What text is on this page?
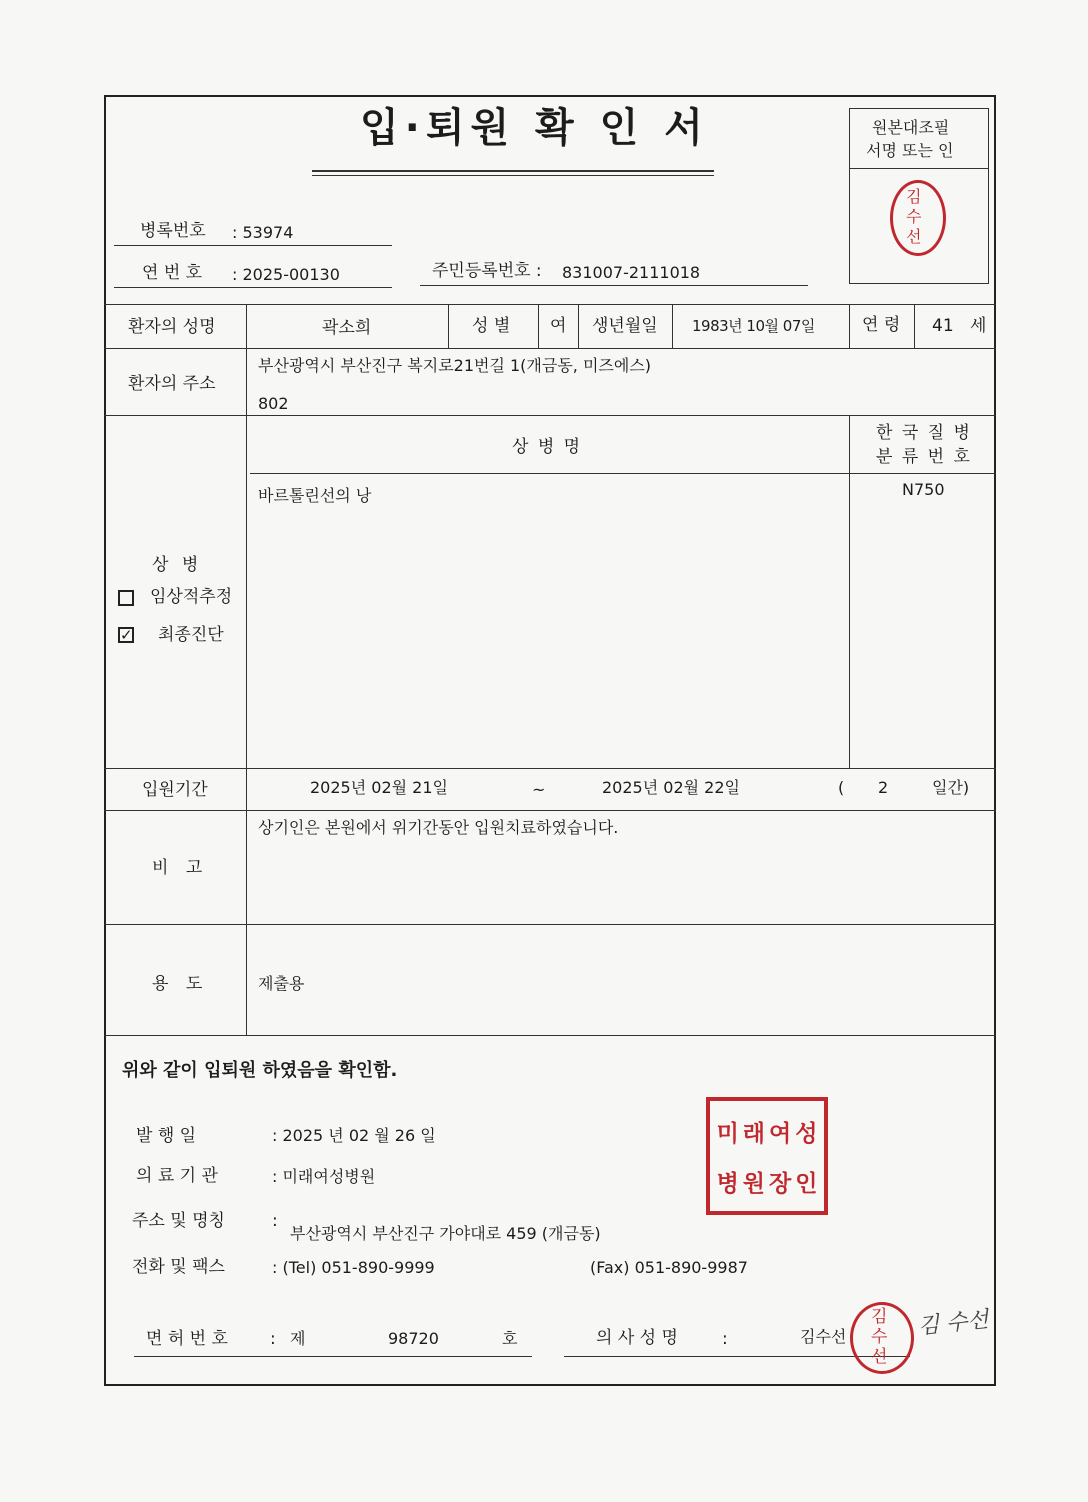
입·퇴원 확 인 서	원본대조필
서명 또는 인
김수선
병록번호 : 53974
연 번 호 : 2025-00130	주민등록번호 : 831007-2111018
환자의 성명	곽소희	성 별 여 생년월일 1983년 10월 07일	연 령 41 세
환자의 주소
부산광역시 부산진구 복지로21번길 1(개금동, 미즈에스)
802
상 병 명
한 국 질 병
분 류 번 호
바르톨린선의 낭	N750
상 병
임상적추정
✓ 최종진단
입원기간	2025년 02월 21일	~	2025년 02월 22일	( 2	일간)
비 고
상기인은 본원에서 위기간동안 입원치료하였습니다.
용 도	제출용
위와 같이 입퇴원 하였음을 확인함.
발 행 일	: 2025 년 02 월 26 일
의 료 기 관	: 미래여성병원
주소 및 명칭	:
부산광역시 부산진구 가야대로 459 (개금동)
전화 및 팩스	: (Tel) 051-890-9999	(Fax) 051-890-9987
면 허 번 호 : 제	98720	호	의 사 성 명	:	김수선
미래여성병원장인
김수선
김 수선
